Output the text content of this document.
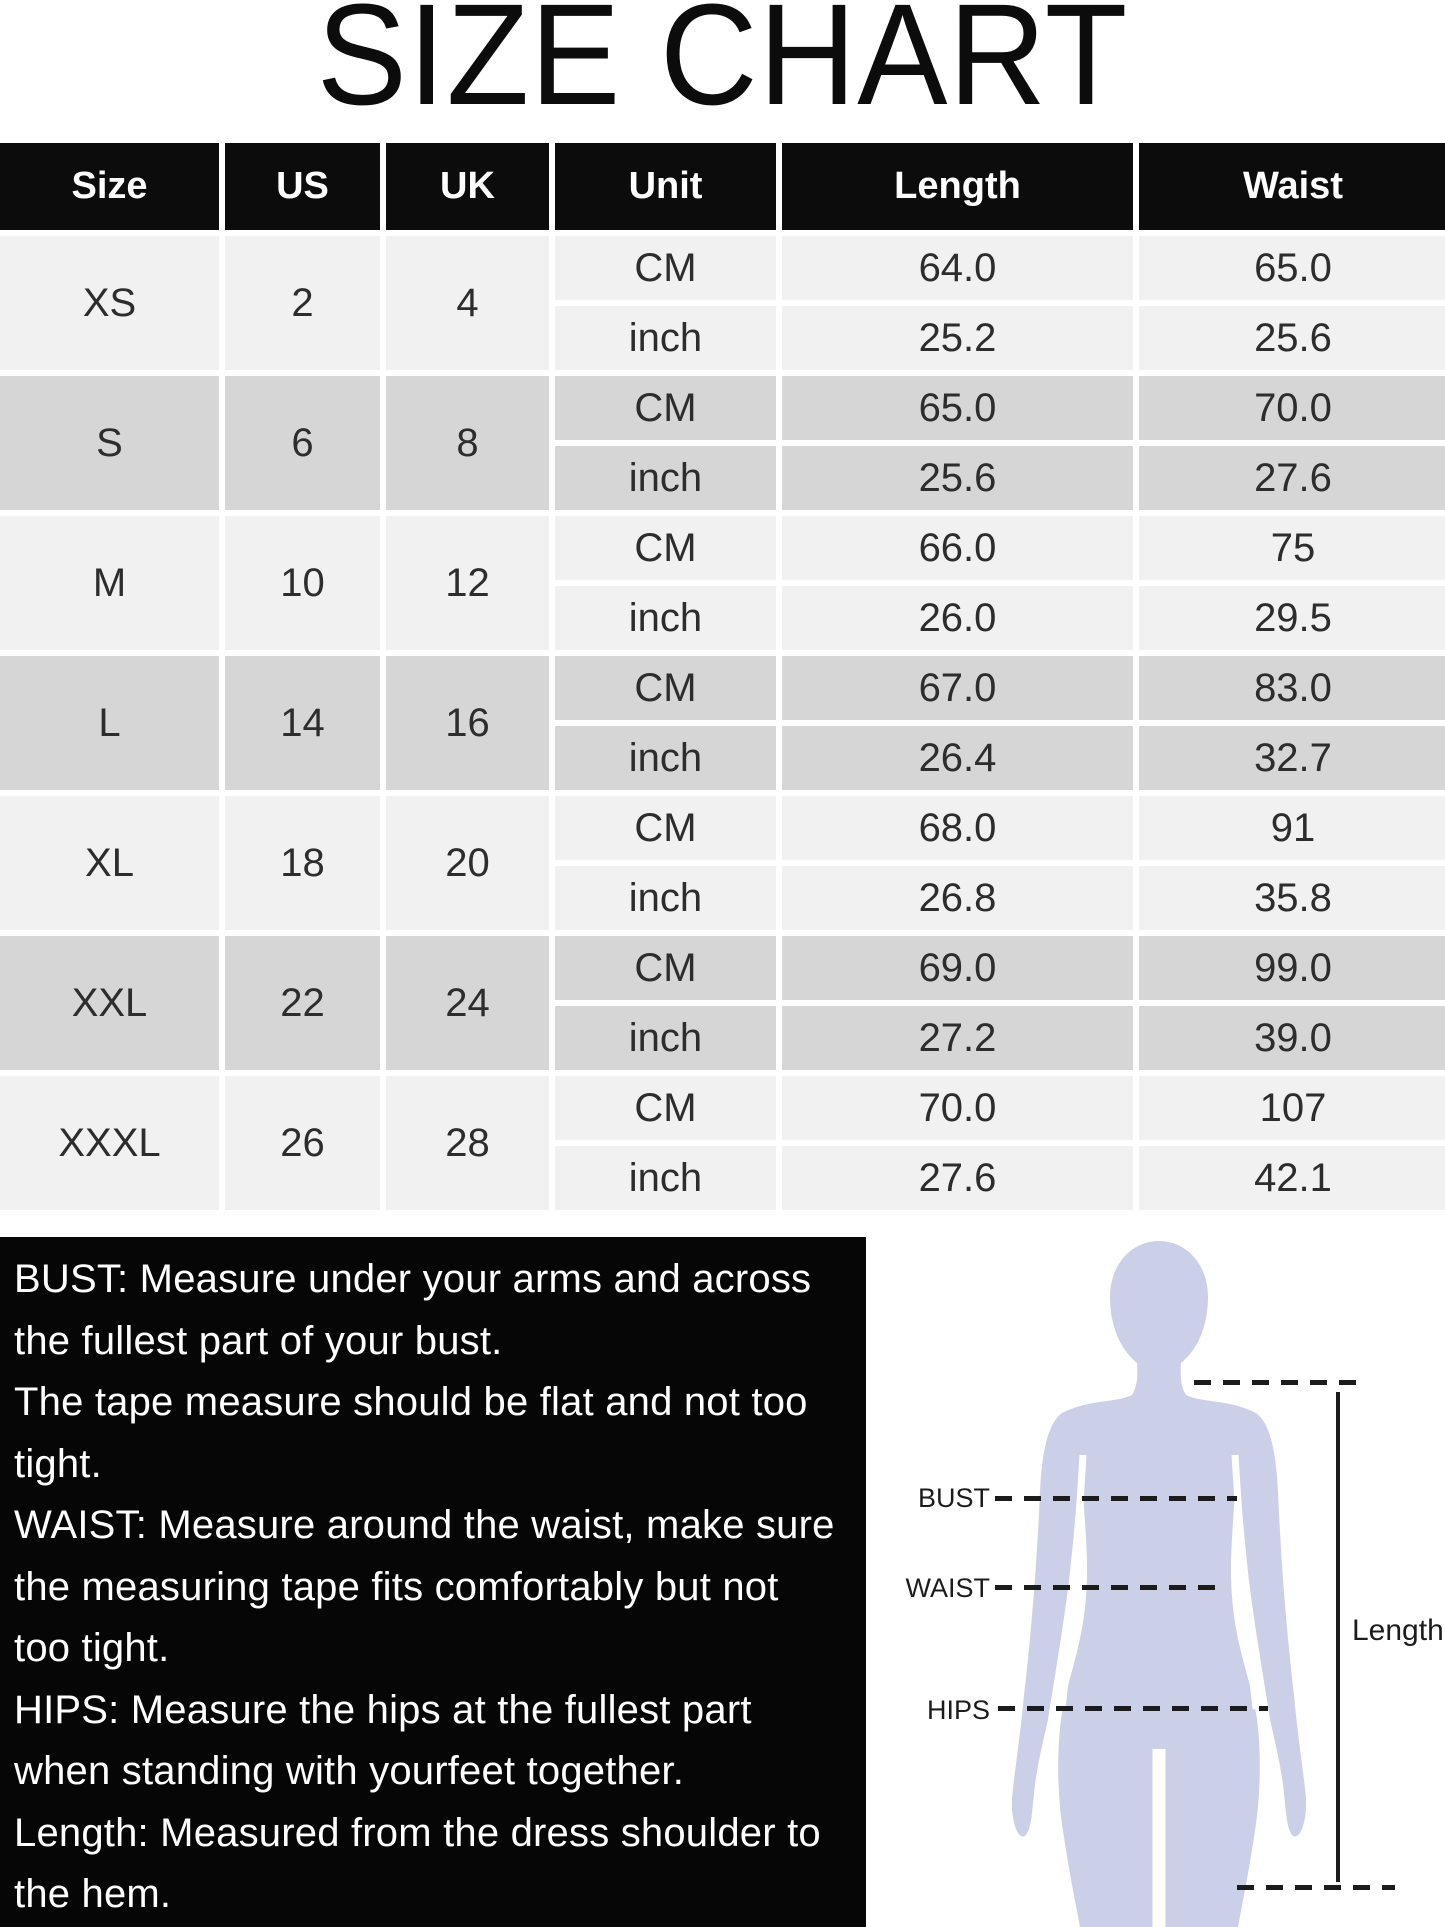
SIZE CHART
Size	US	UK	Unit	Length	Waist
XS	2	4	CM	64.0	65.0
			inch	25.2	25.6
S	6	8	CM	65.0	70.0
			inch	25.6	27.6
M	10	12	CM	66.0	75
			inch	26.0	29.5
L	14	16	CM	67.0	83.0
			inch	26.4	32.7
XL	18	20	CM	68.0	91
			inch	26.8	35.8
XXL	22	24	CM	69.0	99.0
			inch	27.2	39.0
XXXL	26	28	CM	70.0	107
			inch	27.6	42.1
BUST: Measure under your arms and across
the fullest part of your bust.
The tape measure should be flat and not too
tight.
WAIST: Measure around the waist, make sure
the measuring tape fits comfortably but not
too tight.
HIPS: Measure the hips at the fullest part
when standing with yourfeet together.
Length: Measured from the dress shoulder to
the hem.
BUST
WAIST
HIPS
Length
